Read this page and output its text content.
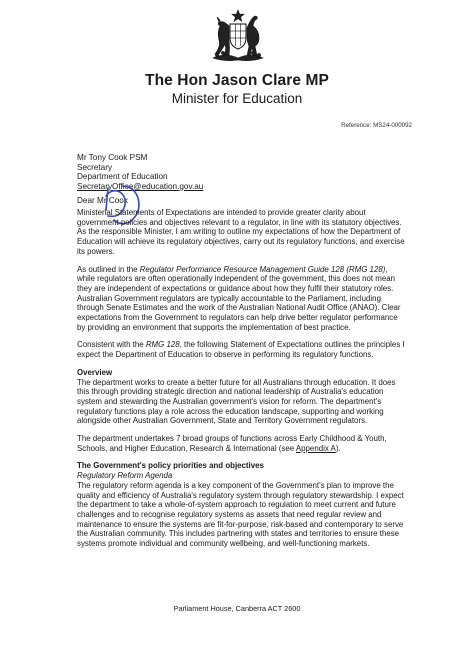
The Hon Jason Clare MP
Minister for Education
Reference: MS24-000092
Mr Tony Cook PSM
Secretary
Department of Education
SecretaryOffice@education.gov.au
Dear Mr Cook

Ministerial Statements of Expectations are intended to provide greater clarity about government policies and objectives relevant to a regulator, in line with its statutory objectives. As the responsible Minister, I am writing to outline my expectations of how the Department of Education will achieve its regulatory objectives, carry out its regulatory functions, and exercise its powers.

As outlined in the Regulator Performance Resource Management Guide 128 (RMG 128), while regulators are often operationally independent of the government, this does not mean they are independent of expectations or guidance about how they fulfil their statutory roles. Australian Government regulators are typically accountable to the Parliament, including through Senate Estimates and the work of the Australian National Audit Office (ANAO). Clear expectations from the Government to regulators can help drive better regulator performance by providing an environment that supports the implementation of best practice.

Consistent with the RMG 128, the following Statement of Expectations outlines the principles I expect the Department of Education to observe in performing its regulatory functions.

Overview

The department works to create a better future for all Australians through education. It does this through providing strategic direction and national leadership of Australia's education system and stewarding the Australian government's vision for reform. The department's regulatory functions play a role across the education landscape, supporting and working alongside other Australian Government, State and Territory Government regulators.

The department undertakes 7 broad groups of functions across Early Childhood & Youth, Schools, and Higher Education, Research & International (see Appendix A).

The Government's policy priorities and objectives
Regulatory Reform Agenda

The regulatory reform agenda is a key component of the Government's plan to improve the quality and efficiency of Australia's regulatory system through regulatory stewardship. I expect the department to take a whole-of-system approach to regulation to meet current and future challenges and to recognise regulatory systems as assets that need regular review and maintenance to ensure the systems are fit-for-purpose, risk-based and contemporary to serve the Australian community. This includes partnering with states and territories to ensure these systems promote individual and community wellbeing, and well-functioning markets.

Parliament House, Canberra ACT 2600
